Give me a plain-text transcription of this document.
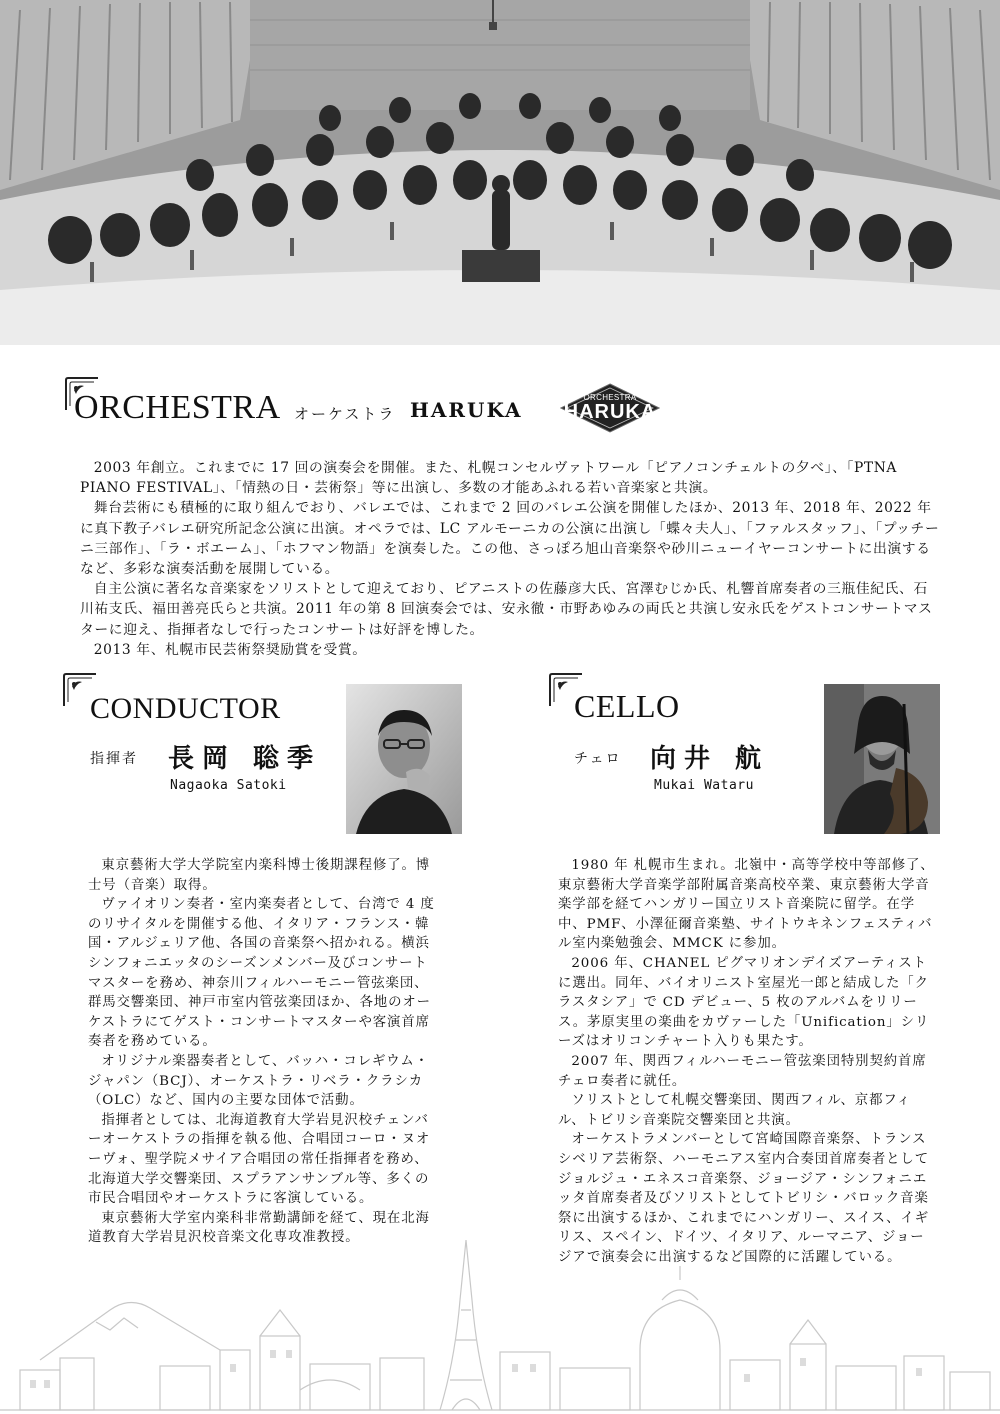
ORCHESTRA オーケストラ HARUKA
ORCHESTRA
HARUKA

2003 年創立。これまでに 17 回の演奏会を開催。また、札幌コンセルヴァトワール「ピアノコンチェルトの夕べ」、「PTNA PIANO FESTIVAL」、「情熱の日・芸術祭」等に出演し、多数の才能あふれる若い音楽家と共演。

舞台芸術にも積極的に取り組んでおり、バレエでは、これまで 2 回のバレエ公演を開催したほか、2013 年、2018 年、2022 年に真下教子バレエ研究所記念公演に出演。オペラでは、LC アルモーニカの公演に出演し「蝶々夫人」、「ファルスタッフ」、「プッチーニ三部作」、「ラ・ボエーム」、「ホフマン物語」を演奏した。この他、さっぽろ旭山音楽祭や砂川ニューイヤーコンサートに出演するなど、多彩な演奏活動を展開している。

自主公演に著名な音楽家をソリストとして迎えており、ピアニストの佐藤彦大氏、宮澤むじか氏、札響首席奏者の三瓶佳紀氏、石川祐支氏、福田善亮氏らと共演。2011 年の第 8 回演奏会では、安永徹・市野あゆみの両氏と共演し安永氏をゲストコンサートマスターに迎え、指揮者なしで行ったコンサートは好評を博した。

2013 年、札幌市民芸術祭奨励賞を受賞。

CONDUCTOR
指揮者 長岡 聡季
Nagaoka Satoki

東京藝術大学大学院室内楽科博士後期課程修了。博士号（音楽）取得。

ヴァイオリン奏者・室内楽奏者として、台湾で 4 度のリサイタルを開催する他、イタリア・フランス・韓国・アルジェリア他、各国の音楽祭へ招かれる。横浜シンフォニエッタのシーズンメンバー及びコンサートマスターを務め、神奈川フィルハーモニー管弦楽団、群馬交響楽団、神戸市室内管弦楽団ほか、各地のオーケストラにてゲスト・コンサートマスターや客演首席奏者を務めている。

オリジナル楽器奏者として、バッハ・コレギウム・ジャパン（BCJ）、オーケストラ・リベラ・クラシカ（OLC）など、国内の主要な団体で活動。

指揮者としては、北海道教育大学岩見沢校チェンバーオーケストラの指揮を執る他、合唱団コーロ・ヌオーヴォ、聖学院メサイア合唱団の常任指揮者を務め、北海道大学交響楽団、スプラアンサンブル等、多くの市民合唱団やオーケストラに客演している。

東京藝術大学室内楽科非常勤講師を経て、現在北海道教育大学岩見沢校音楽文化専攻准教授。

CELLO
チェロ 向井 航
Mukai Wataru

1980 年 札幌市生まれ。北嶺中・高等学校中等部修了、東京藝術大学音楽学部附属音楽高校卒業、東京藝術大学音楽学部を経てハンガリー国立リスト音楽院に留学。在学中、PMF、小澤征爾音楽塾、サイトウキネンフェスティバル室内楽勉強会、MMCK に参加。

2006 年、CHANEL ピグマリオンデイズアーティストに選出。同年、バイオリニスト室屋光一郎と結成した「クラスタシア」で CD デビュー、5 枚のアルバムをリリース。茅原実里の楽曲をカヴァーした「Unification」シリーズはオリコンチャート入りも果たす。

2007 年、関西フィルハーモニー管弦楽団特別契約首席チェロ奏者に就任。

ソリストとして札幌交響楽団、関西フィル、京都フィル、トビリシ音楽院交響楽団と共演。

オーケストラメンバーとして宮崎国際音楽祭、トランスシベリア芸術祭、ハーモニアス室内合奏団首席奏者としてジョルジュ・エネスコ音楽祭、ジョージア・シンフォニエッタ首席奏者及びソリストとしてトビリシ・バロック音楽祭に出演するほか、これまでにハンガリー、スイス、イギリス、スペイン、ドイツ、イタリア、ルーマニア、ジョージアで演奏会に出演するなど国際的に活躍している。
